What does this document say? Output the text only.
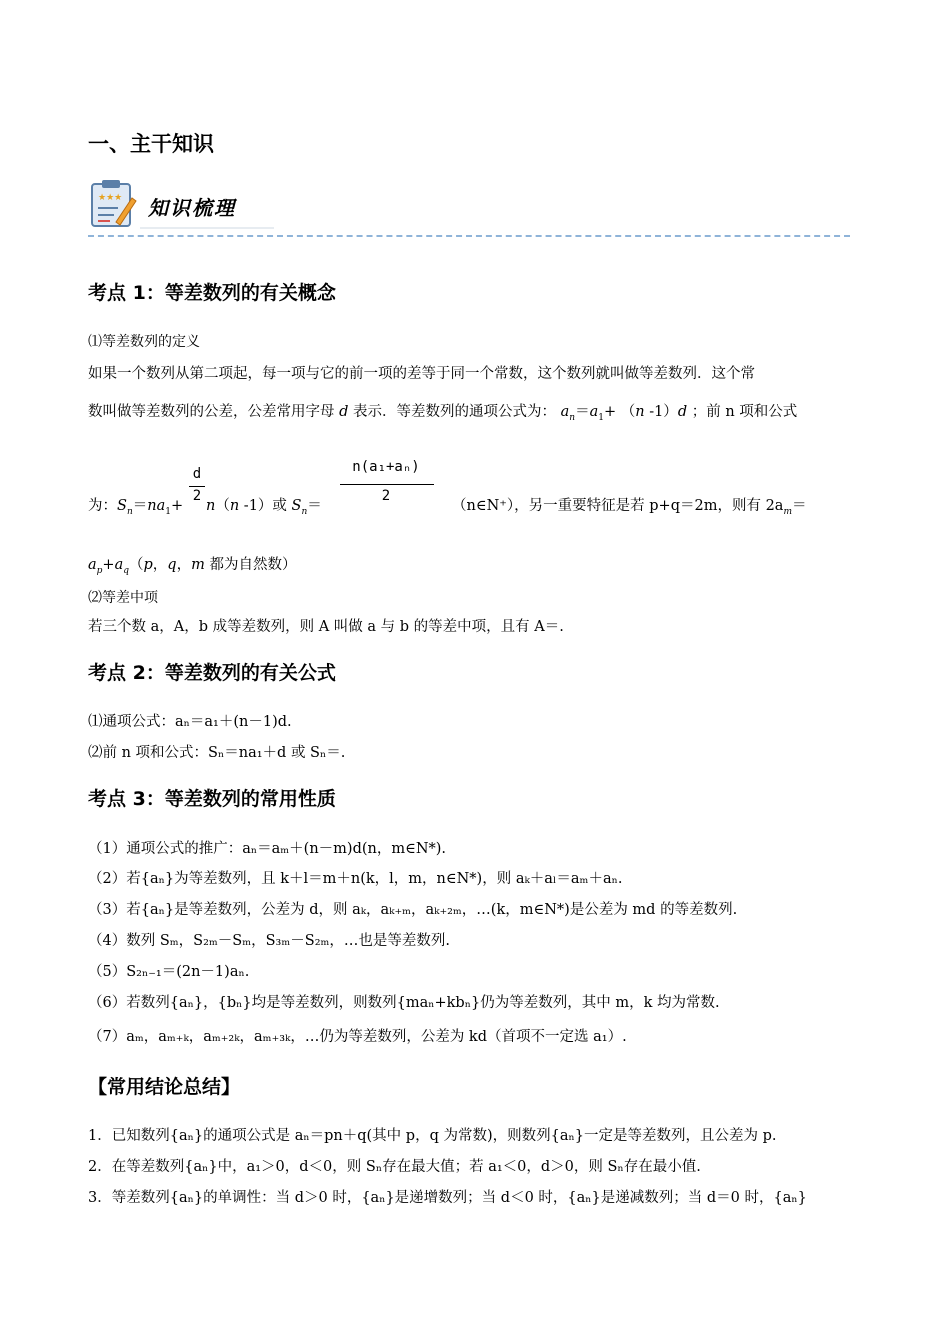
一、主干知识
★★★ 知识梳理
考点 1：等差数列的有关概念
⑴等差数列的定义
如果一个数列从第二项起，每一项与它的前一项的差等于同一个常数，这个数列就叫做等差数列．这个常
数叫做等差数列的公差，公差常用字母 d 表示．等差数列的通项公式为： $a_n=a_1+ (n$ -1）d ；前 n 项和公式
d
2
n(a₁+aₙ)
2
为：$S_n=na_1+ n(n$ -1）或 $S_n=$	（n∈N⁺），另一重要特征是若 p+q＝2m，则有 $2a_m=$
$a_p+a_q(p$，q，m 都为自然数）
⑵等差中项
若三个数 a，A，b 成等差数列，则 A 叫做 a 与 b 的等差中项，且有 A＝.
考点 2：等差数列的有关公式
⑴通项公式：aₙ＝a₁＋(n－1)d.
⑵前 n 项和公式：Sₙ＝na₁＋d 或 Sₙ＝.
考点 3：等差数列的常用性质
（1）通项公式的推广：aₙ＝aₘ＋(n－m)d(n，m∈N*).
（2）若{aₙ}为等差数列，且 k＋l＝m＋n(k，l，m，n∈N*)，则 aₖ＋aₗ＝aₘ＋aₙ.
（3）若{aₙ}是等差数列，公差为 d，则 aₖ，aₖ₊ₘ，aₖ₊₂ₘ，…(k，m∈N*)是公差为 md 的等差数列.
（4）数列 Sₘ，S₂ₘ－Sₘ，S₃ₘ－S₂ₘ，…也是等差数列.
（5）S₂ₙ₋₁＝(2n－1)aₙ.
（6）若数列{aₙ}，{bₙ}均是等差数列，则数列{maₙ+kbₙ}仍为等差数列，其中 m，k 均为常数.
（7）aₘ，aₘ₊ₖ，aₘ₊₂ₖ，aₘ₊₃ₖ，…仍为等差数列，公差为 kd（首项不一定选 a₁）.
【常用结论总结】
1．已知数列{aₙ}的通项公式是 aₙ＝pn＋q(其中 p，q 为常数)，则数列{aₙ}一定是等差数列，且公差为 p.
2．在等差数列{aₙ}中，a₁＞0，d＜0，则 Sₙ存在最大值；若 a₁＜0，d＞0，则 Sₙ存在最小值.
3．等差数列{aₙ}的单调性：当 d＞0 时，{aₙ}是递增数列；当 d＜0 时，{aₙ}是递减数列；当 d＝0 时，{aₙ}
